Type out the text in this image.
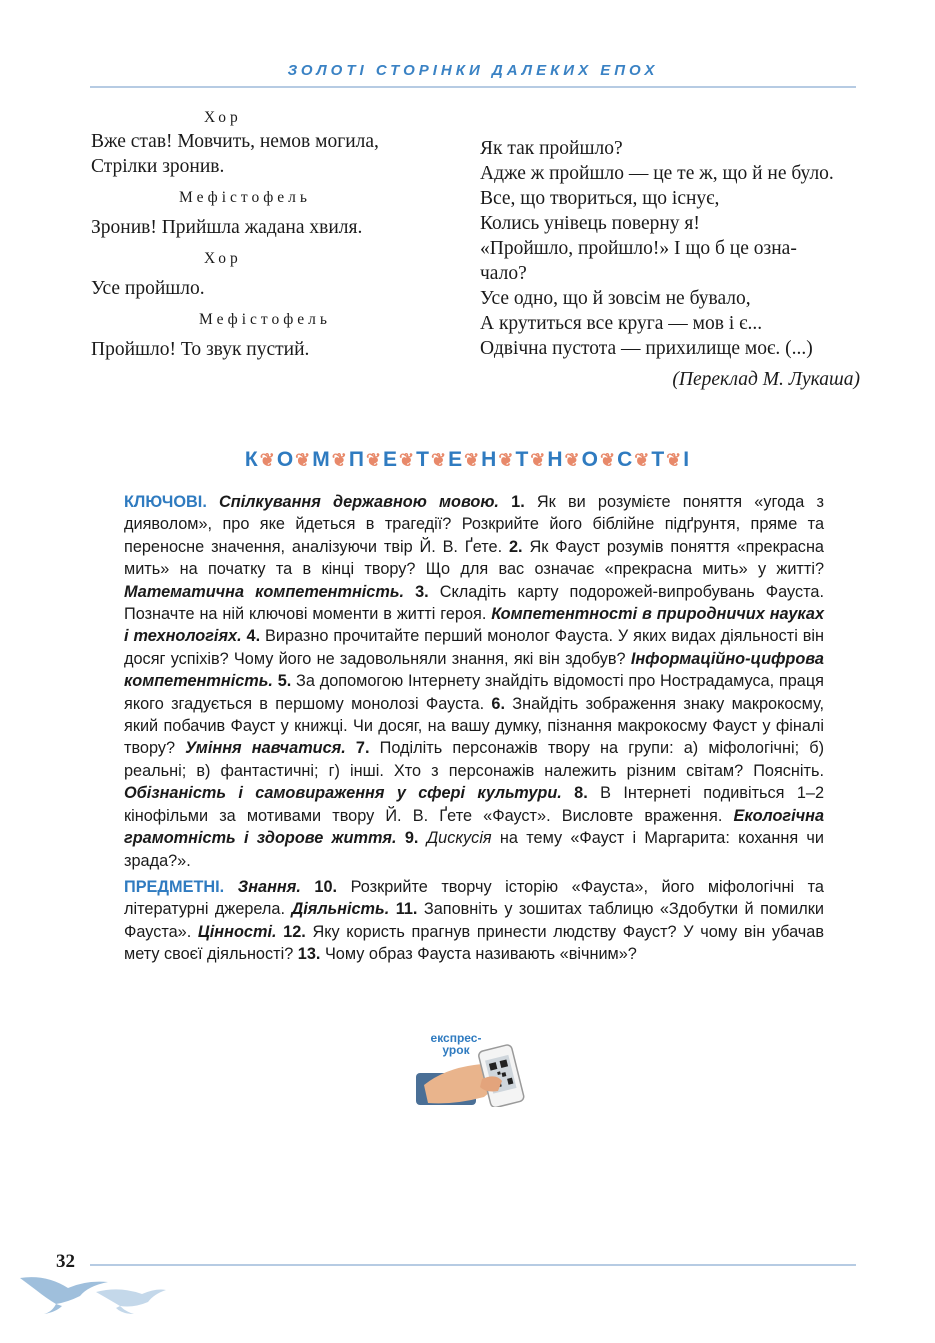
ЗОЛОТІ СТОРІНКИ ДАЛЕКИХ ЕПОХ

Хор

Вже став! Мовчить, немов могила,

Стрілки зронив.

Мефістофель

Зронив! Прийшла жадана хвиля.

Хор

Усе пройшло.

Мефістофель

Пройшло! То звук пустий.

Як так пройшло?

Адже ж пройшло — це те ж, що й не було.

Все, що твориться, що існує,

Колись унівець поверну я!

«Пройшло, пройшло!» І що б це озна-

чало?

Усе одно, що й зовсім не бувало,

А крутиться все круга — мов і є...

Одвічна пустота — прихилище моє. (...)

(Переклад М. Лукаша)

К❦О❦М❦П❦Е❦Т❦Е❦Н❦Т❦Н❦О❦С❦Т❦І

КЛЮЧОВІ. Спілкування державною мовою. 1. Як ви розумієте поняття «угода з дияволом», про яке йдеться в трагедії? Розкрийте його біблійне підґрунтя, пряме та переносне значення, аналізуючи твір Й. В. Ґете. 2. Як Фауст розумів поняття «прекрасна мить» на початку та в кінці твору? Що для вас означає «прекрасна мить» у житті? Математична компетентність. 3. Складіть карту подорожей-випробувань Фауста. Позначте на ній ключові моменти в житті героя. Компетентності в природничих науках і технологіях. 4. Виразно прочитайте перший монолог Фауста. У яких видах діяльності він досяг успіхів? Чому його не задовольняли знання, які він здобув? Інформаційно-цифрова компетентність. 5. За допомогою Інтернету знайдіть відомості про Нострадамуса, праця якого згадується в першому монолозі Фауста. 6. Знайдіть зображення знаку макрокосму, який побачив Фауст у книжці. Чи досяг, на вашу думку, пізнання макрокосму Фауст у фіналі твору? Уміння навчатися. 7. Поділіть персонажів твору на групи: а) міфологічні; б) реальні; в) фантастичні; г) інші. Хто з персонажів належить різним світам? Поясніть. Обізнаність і самовираження у сфері культури. 8. В Інтернеті подивіться 1–2 кінофільми за мотивами твору Й. В. Ґете «Фауст». Висловте враження. Екологічна грамотність і здорове життя. 9. Дискусія на тему «Фауст і Маргарита: кохання чи зрада?».

ПРЕДМЕТНІ. Знання. 10. Розкрийте творчу історію «Фауста», його міфологічні та літературні джерела. Діяльність. 11. Заповніть у зошитах таблицю «Здобутки й помилки Фауста». Цінності. 12. Яку користь прагнув принести людству Фауст? У чому він убачав мету своєї діяльності? 13. Чому образ Фауста називають «вічним»?

експрес-
урок
32
